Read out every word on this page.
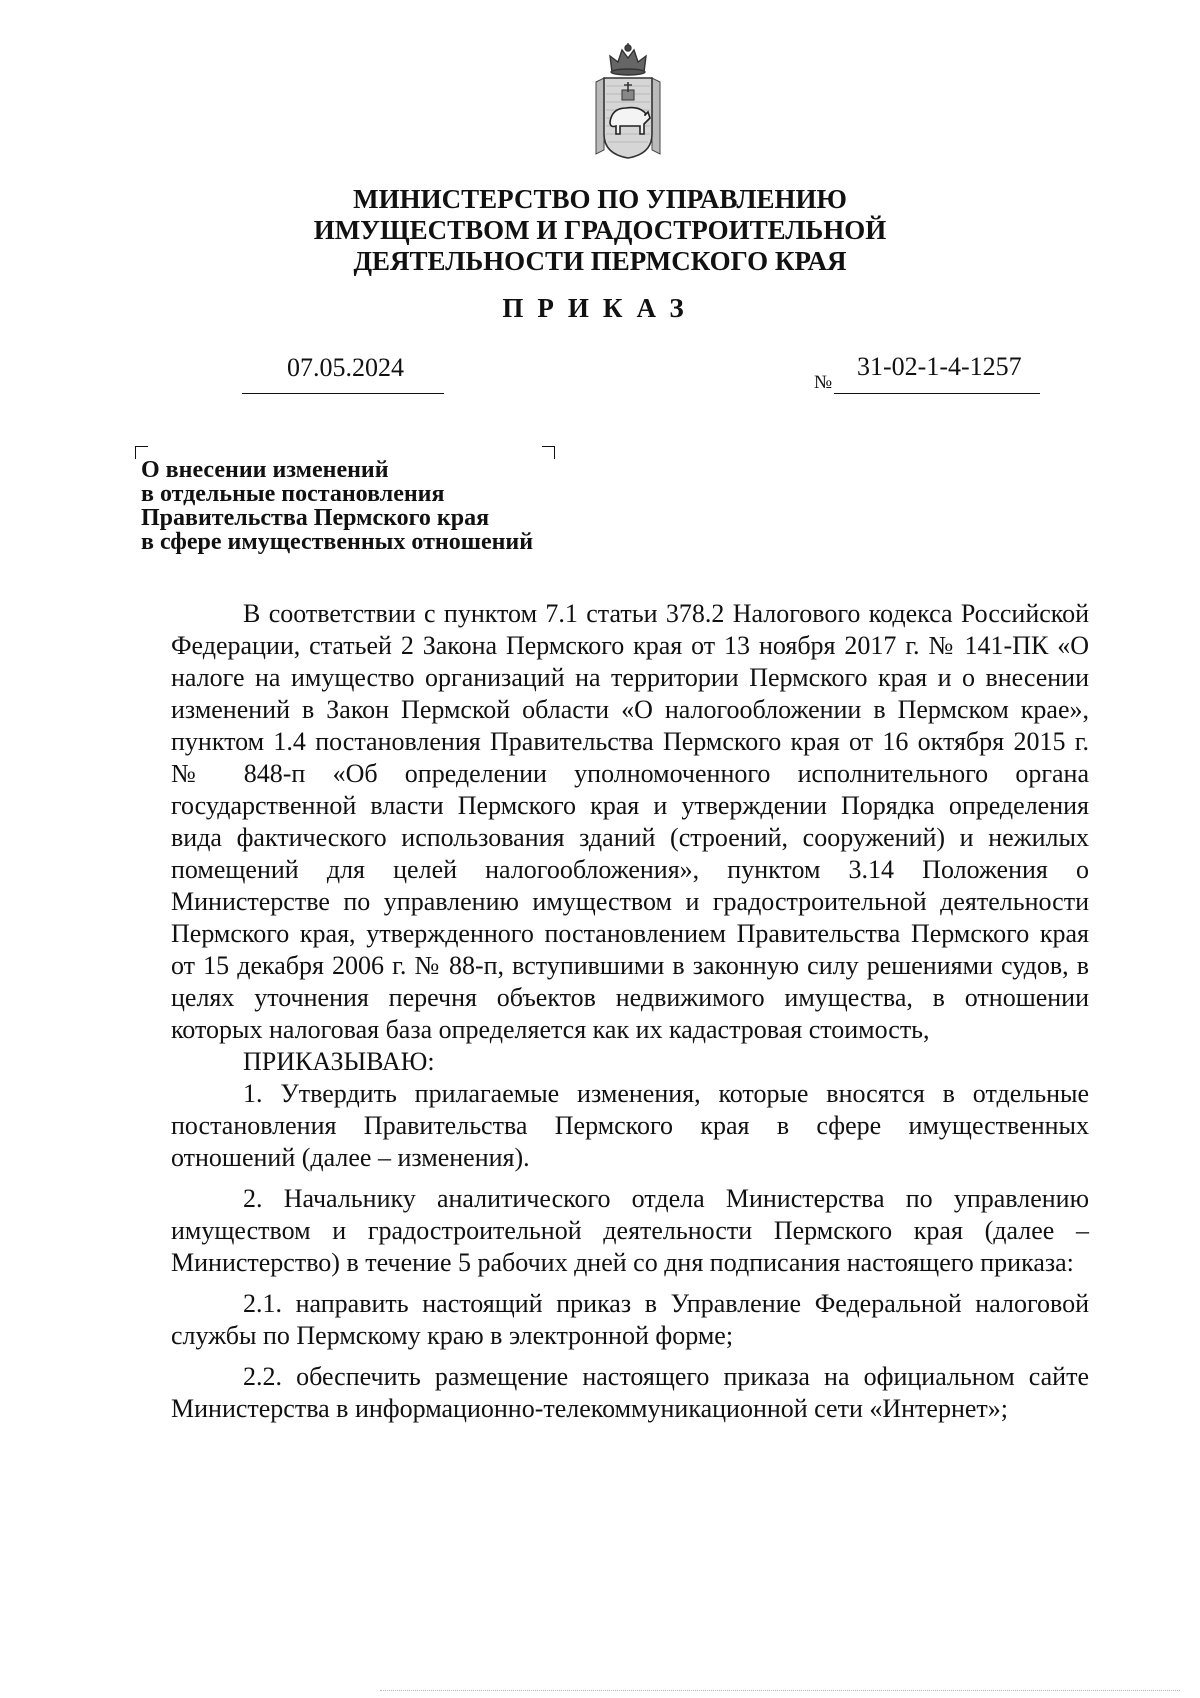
МИНИСТЕРСТВО ПО УПРАВЛЕНИЮ
ИМУЩЕСТВОМ И ГРАДОСТРОИТЕЛЬНОЙ
ДЕЯТЕЛЬНОСТИ ПЕРМСКОГО КРАЯ
ПРИКАЗ
07.05.2024
№
31-02-1-4-1257
О внесении изменений
в отдельные постановления
Правительства Пермского края
в сфере имущественных отношений

В соответствии с пунктом 7.1 статьи 378.2 Налогового кодекса Российской Федерации, статьей 2 Закона Пермского края от 13 ноября 2017 г. № 141-ПК «О налоге на имущество организаций на территории Пермского края и о внесении изменений в Закон Пермской области «О налогообложении в Пермском крае», пунктом 1.4 постановления Правительства Пермского края от 16 октября 2015 г. № 848-п «Об определении уполномоченного исполнительного органа государственной власти Пермского края и утверждении Порядка определения вида фактического использования зданий (строений, сооружений) и нежилых помещений для целей налогообложения», пунктом 3.14 Положения о Министерстве по управлению имуществом и градостроительной деятельности Пермского края, утвержденного постановлением Правительства Пермского края от 15 декабря 2006 г. № 88-п, вступившими в законную силу решениями судов, в целях уточнения перечня объектов недвижимого имущества, в отношении которых налоговая база определяется как их кадастровая стоимость,

ПРИКАЗЫВАЮ:

1. Утвердить прилагаемые изменения, которые вносятся в отдельные постановления Правительства Пермского края в сфере имущественных отношений (далее – изменения).

2. Начальнику аналитического отдела Министерства по управлению имуществом и градостроительной деятельности Пермского края (далее – Министерство) в течение 5 рабочих дней со дня подписания настоящего приказа:

2.1. направить настоящий приказ в Управление Федеральной налоговой службы по Пермскому краю в электронной форме;

2.2. обеспечить размещение настоящего приказа на официальном сайте Министерства в информационно-телекоммуникационной сети «Интернет»;
